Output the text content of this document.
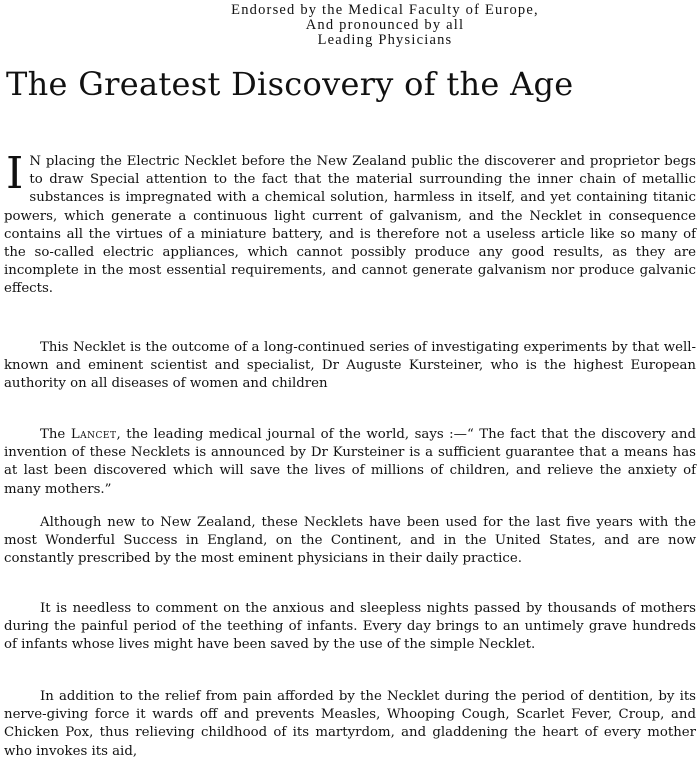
Endorsed by the Medical Faculty of Europe,
And pronounced by all
Leading Physicians
The Greatest Discovery of the Age

I N placing the Electric Necklet before the New Zealand public the discoverer and proprietor begs to draw Special attention to the fact that the material surrounding the inner chain of metallic substances is impregnated with a chemical solution, harmless in itself, and yet containing titanic powers, which generate a continuous light current of galvanism, and the Necklet in consequence contains all the virtues of a miniature battery, and is therefore not a useless article like so many of the so-called electric appliances, which cannot possibly produce any good results, as they are incomplete in the most essential requirements, and cannot generate galvanism nor produce galvanic effects.

This Necklet is the outcome of a long-continued series of investigating experiments by that well-known and eminent scientist and specialist, Dr Auguste Kursteiner, who is the highest European authority on all diseases of women and children

The Lancet, the leading medical journal of the world, says :—“ The fact that the discovery and invention of these Necklets is announced by Dr Kursteiner is a sufficient guarantee that a means has at last been discovered which will save the lives of millions of children, and relieve the anxiety of many mothers.”

Although new to New Zealand, these Necklets have been used for the last five years with the most Wonderful Success in England, on the Continent, and in the United States, and are now constantly prescribed by the most eminent physicians in their daily practice.

It is needless to comment on the anxious and sleepless nights passed by thousands of mothers during the painful period of the teething of infants. Every day brings to an untimely grave hundreds of infants whose lives might have been saved by the use of the simple Necklet.

In addition to the relief from pain afforded by the Necklet during the period of dentition, by its nerve-giving force it wards off and prevents Measles, Whooping Cough, Scarlet Fever, Croup, and Chicken Pox, thus relieving childhood of its martyrdom, and gladdening the heart of every mother who invokes its aid,
